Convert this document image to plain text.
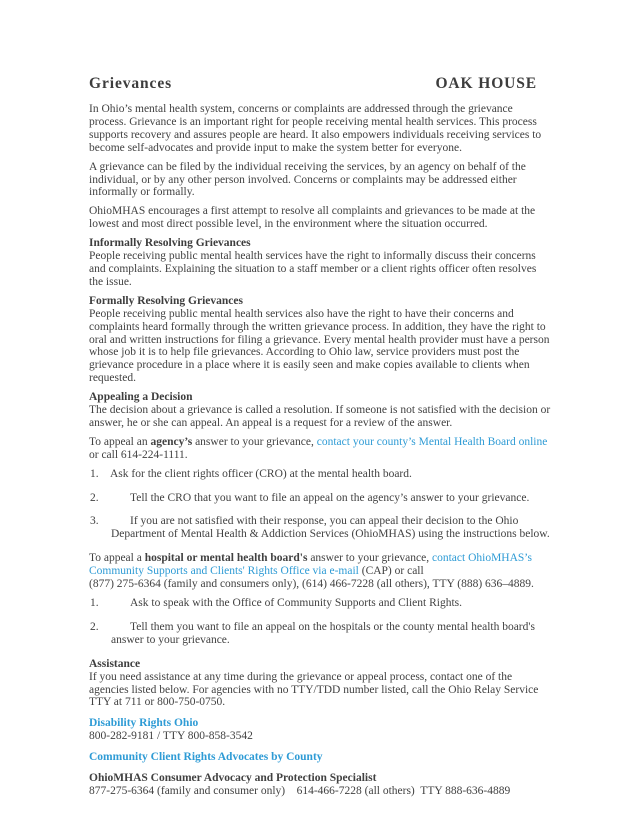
Grievances	OAK HOUSE

In Ohio’s mental health system, concerns or complaints are addressed through the grievance process. Grievance is an important right for people receiving mental health services. This process supports recovery and assures people are heard. It also empowers individuals receiving services to become self-advocates and provide input to make the system better for everyone.

A grievance can be filed by the individual receiving the services, by an agency on behalf of the individual, or by any other person involved. Concerns or complaints may be addressed either informally or formally.

OhioMHAS encourages a first attempt to resolve all complaints and grievances to be made at the lowest and most direct possible level, in the environment where the situation occurred.

Informally Resolving Grievances
People receiving public mental health services have the right to informally discuss their concerns and complaints. Explaining the situation to a staff member or a client rights officer often resolves the issue.
Formally Resolving Grievances
People receiving public mental health services also have the right to have their concerns and complaints heard formally through the written grievance process. In addition, they have the right to oral and written instructions for filing a grievance. Every mental health provider must have a person whose job it is to help file grievances. According to Ohio law, service providers must post the grievance procedure in a place where it is easily seen and make copies available to clients when requested.
Appealing a Decision
The decision about a grievance is called a resolution. If someone is not satisfied with the decision or answer, he or she can appeal. An appeal is a request for a review of the answer.

To appeal an agency’s answer to your grievance, contact your county’s Mental Health Board online or call 614-224-1111.

1. Ask for the client rights officer (CRO) at the mental health board.
2.	Tell the CRO that you want to file an appeal on the agency’s answer to your grievance.
3.	If you are not satisfied with their response, you can appeal their decision to the Ohio Department of Mental Health & Addiction Services (OhioMHAS) using the instructions below.
To appeal a hospital or mental health board's answer to your grievance, contact OhioMHAS’s Community Supports and Clients' Rights Office via e-mail (CAP) or call
(877) 275-6364 (family and consumers only), (614) 466-7228 (all others), TTY (888) 636–4889.
1.	Ask to speak with the Office of Community Supports and Client Rights.
2.	Tell them you want to file an appeal on the hospitals or the county mental health board's answer to your grievance.
Assistance
If you need assistance at any time during the grievance or appeal process, contact one of the agencies listed below. For agencies with no TTY/TDD number listed, call the Ohio Relay Service TTY at 711 or 800-750-0750.
Disability Rights Ohio
800-282-9181 / TTY 800-858-3542
Community Client Rights Advocates by County
OhioMHAS Consumer Advocacy and Protection Specialist
877-275-6364 (family and consumer only)    614-466-7228 (all others)  TTY 888-636-4889
